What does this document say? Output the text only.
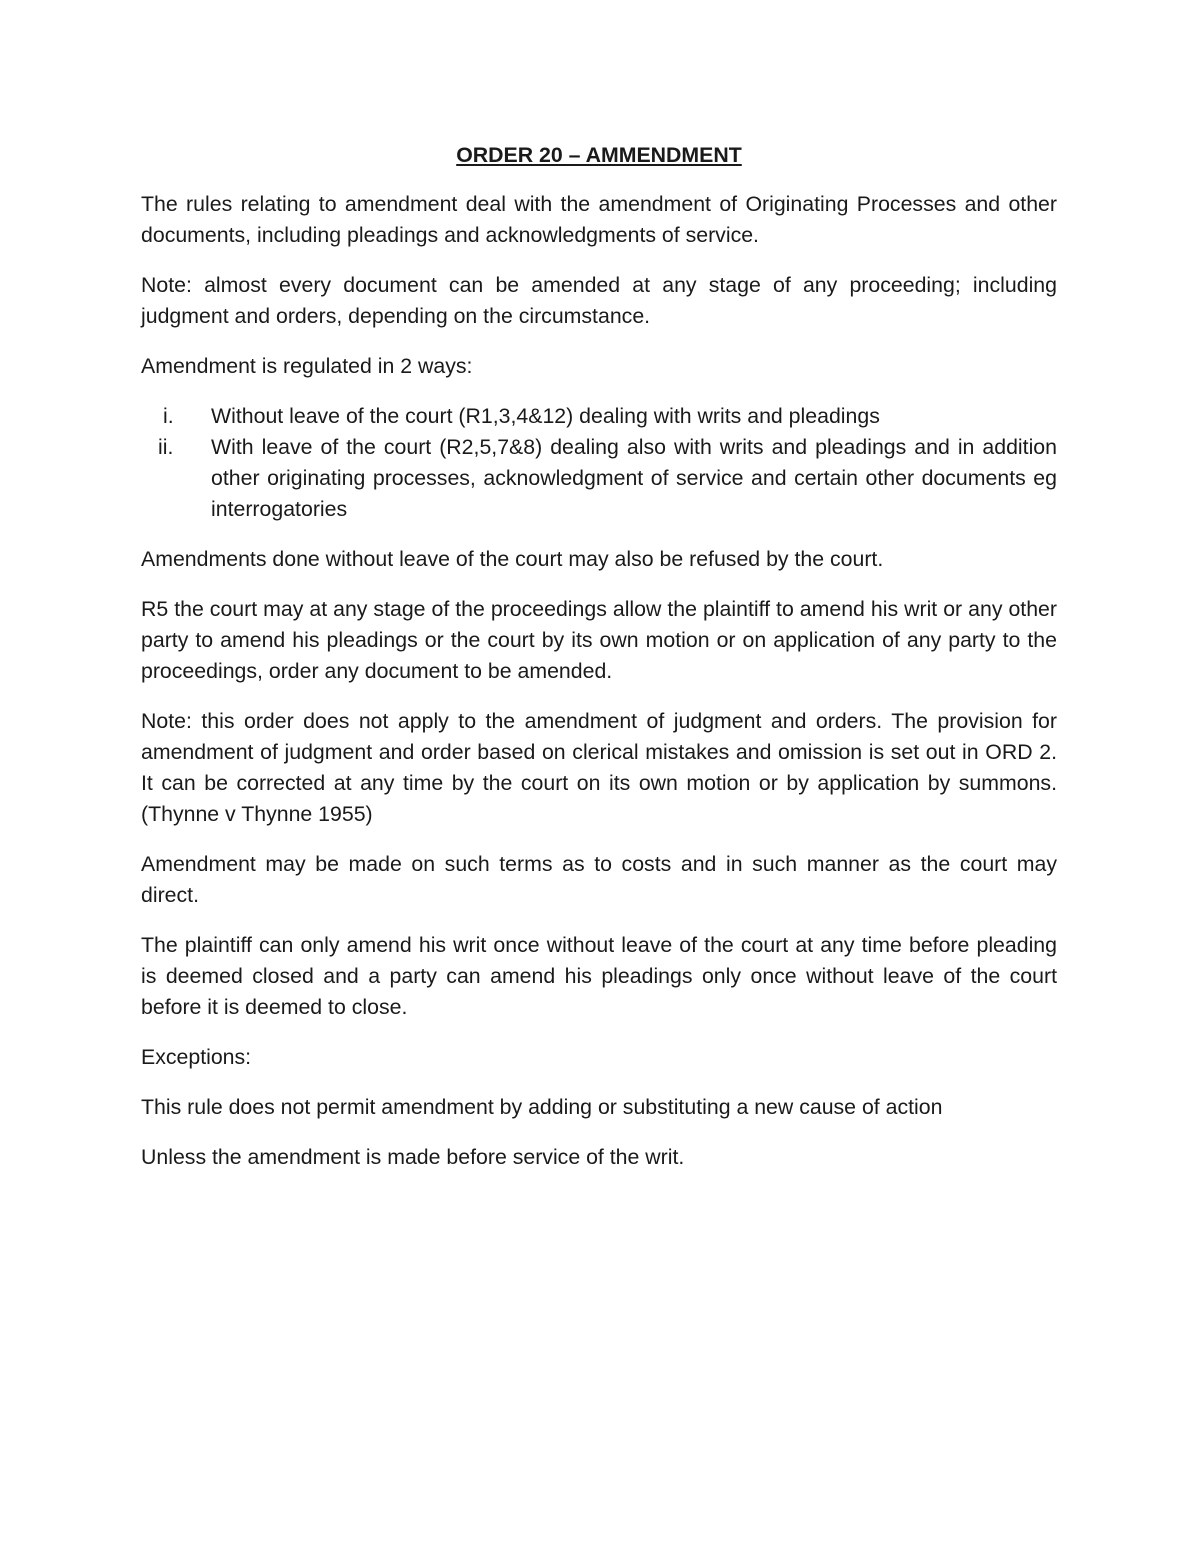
ORDER 20 – AMMENDMENT

The rules relating to amendment deal with the amendment of Originating Processes and other documents, including pleadings and acknowledgments of service.

Note: almost every document can be amended at any stage of any proceeding; including judgment and orders, depending on the circumstance.

Amendment is regulated in 2 ways:

i.	Without leave of the court (R1,3,4&12) dealing with writs and pleadings
ii.	With leave of the court (R2,5,7&8) dealing also with writs and pleadings and in addition other originating processes, acknowledgment of service and certain other documents eg interrogatories

Amendments done without leave of the court may also be refused by the court.

R5 the court may at any stage of the proceedings allow the plaintiff to amend his writ or any other party to amend his pleadings or the court by its own motion or on application of any party to the proceedings, order any document to be amended.

Note: this order does not apply to the amendment of judgment and orders. The provision for amendment of judgment and order based on clerical mistakes and omission is set out in ORD 2. It can be corrected at any time by the court on its own motion or by application by summons. (Thynne v Thynne 1955)

Amendment may be made on such terms as to costs and in such manner as the court may direct.

The plaintiff can only amend his writ once without leave of the court at any time before pleading is deemed closed and a party can amend his pleadings only once without leave of the court before it is deemed to close.

Exceptions:

This rule does not permit amendment by adding or substituting a new cause of action

Unless the amendment is made before service of the writ.
